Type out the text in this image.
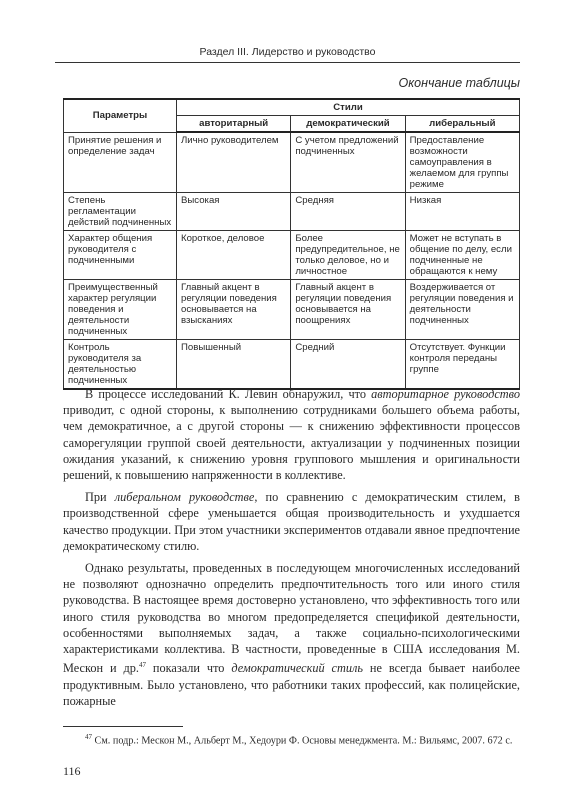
Раздел III. Лидерство и руководство
Окончание таблицы
Параметры	Стили		
	авторитарный	демократический	либеральный
Принятие решения и определение задач	Лично руководителем	С учетом предложений подчиненных	Предоставление возможности самоуправления в желаемом для группы режиме
Степень регламентации действий подчиненных	Высокая	Средняя	Низкая
Характер общения руководителя с подчиненными	Короткое, деловое	Более предупредительное, не только деловое, но и личностное	Может не вступать в общение по делу, если подчиненные не обращаются к нему
Преимущественный характер регуляции поведения и деятельности подчиненных	Главный акцент в регуляции поведения основывается на взысканиях	Главный акцент в регуляции поведения основывается на поощрениях	Воздерживается от регуляции поведения и деятельности подчиненных
Контроль руководителя за деятельностью подчиненных	Повышенный	Средний	Отсутствует. Функции контроля переданы группе

В процессе исследований К. Левин обнаружил, что авторитарное руководство приводит, с одной стороны, к выполнению сотрудниками большего объема работы, чем демократичное, а с другой стороны — к снижению эффективности процессов саморегуляции группой своей деятельности, актуализации у подчиненных позиции ожидания указаний, к снижению уровня группового мышления и оригинальности решений, к повышению напряженности в коллективе.

При либеральном руководстве, по сравнению с демократическим стилем, в производственной сфере уменьшается общая производительность и ухудшается качество продукции. При этом участники экспериментов отдавали явное предпочтение демократическому стилю.

Однако результаты, проведенных в последующем многочисленных исследований не позволяют однозначно определить предпочтительность того или иного стиля руководства. В настоящее время достоверно установлено, что эффективность того или иного стиля руководства во многом предопределяется спецификой деятельности, особенностями выполняемых задач, а также социально-психологическими характеристиками коллектива. В частности, проведенные в США исследования М. Мескон и др.$^{47}$ показали что демократический стиль не всегда бывает наиболее продуктивным. Было установлено, что работники таких профессий, как полицейские, пожарные

$^{47}$ См. подр.: Мескон М., Альберт М., Хедоури Ф. Основы менеджмента. М.: Вильямс, 2007. 672 с.
116
